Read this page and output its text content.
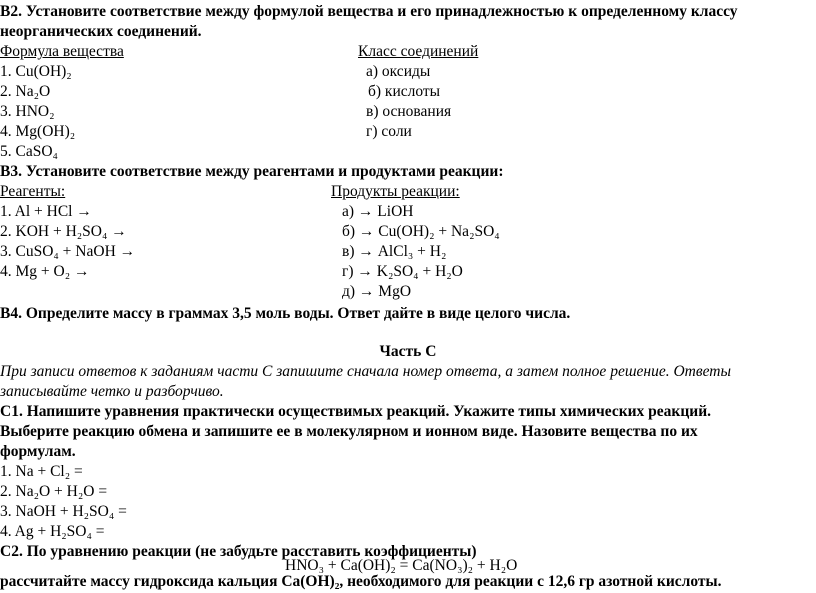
В2. Установите соответствие между формулой вещества и его принадлежностью к определенному классу
неорганических соединений.
Формула вещества	Класс соединений
1. Cu(OH)₂
2. Na₂O
3. HNO₂
4. Mg(OH)₂
5. CaSO₄
а) оксиды
б) кислоты
в) основания
г) соли
В3. Установите соответствие между реагентами и продуктами реакции:
Реагенты:	Продукты реакции:
1. Al + HCl →
2. KOH + H₂SO₄ →
3. CuSO₄ + NaOH →
4. Mg + O₂ →
а) → LiOH
б) → Cu(OH)₂ + Na₂SO₄
в) → AlCl₃ + H₂
г) → K₂SO₄ + H₂O
д) → MgO
В4. Определите массу в граммах 3,5 моль воды. Ответ дайте в виде целого числа.
Часть С
При записи ответов к заданиям части С запишите сначала номер ответа, а затем полное решение. Ответы
записывайте четко и разборчиво.
С1. Напишите уравнения практически осуществимых реакций. Укажите типы химических реакций.
Выберите реакцию обмена и запишите ее в молекулярном и ионном виде. Назовите вещества по их
формулам.
1. Na + Cl₂ =
2. Na₂O + H₂O =
3. NaOH + H₂SO₄ =
4. Ag + H₂SO₄ =
С2. По уравнению реакции (не забудьте расставить коэффициенты)
HNO₃ + Ca(OH)₂ = Ca(NO₃)₂ + H₂O
рассчитайте массу гидроксида кальция Ca(OH)₂, необходимого для реакции с 12,6 гр азотной кислоты.
